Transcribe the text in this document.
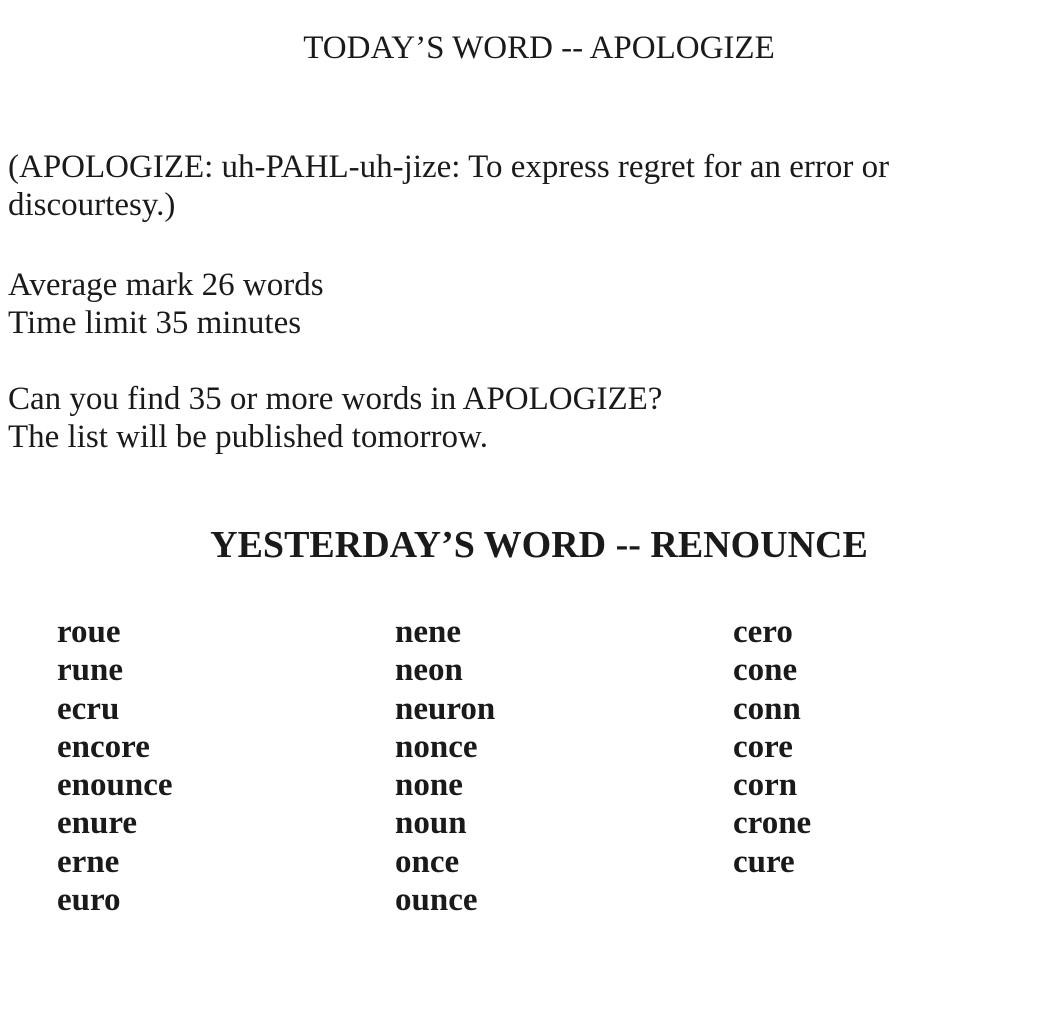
TODAY’S WORD -- APOLOGIZE

(APOLOGIZE: uh-PAHL-uh-jize: To express regret for an error or
discourtesy.)

Average mark 26 words
Time limit 35 minutes

Can you find 35 or more words in APOLOGIZE?
The list will be published tomorrow.

YESTERDAY’S WORD -- RENOUNCE
roue
rune
ecru
encore
enounce
enure
erne
euro
nene
neon
neuron
nonce
none
noun
once
ounce
cero
cone
conn
core
corn
crone
cure
